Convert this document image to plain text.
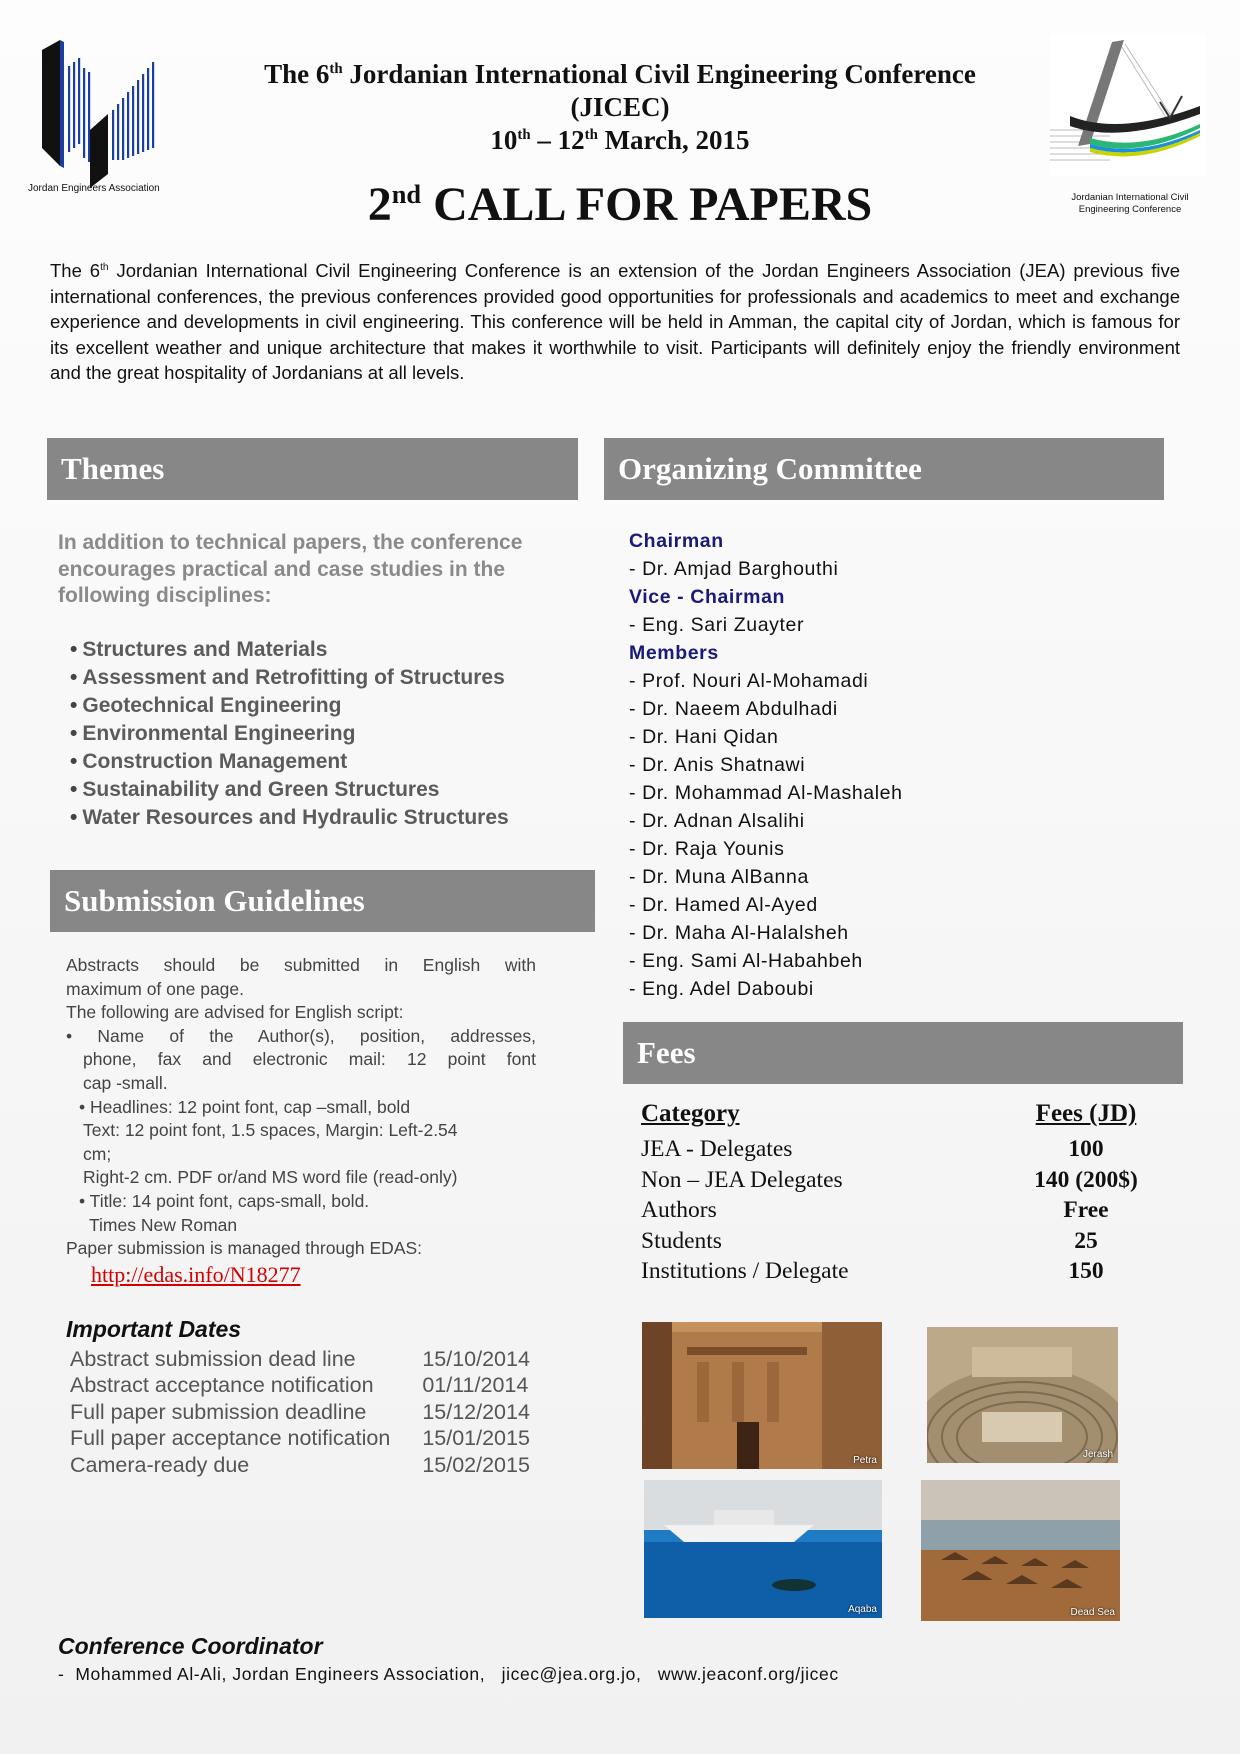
Jordan Engineers Association
Jordanian International Civil Engineering Conference
The 6th Jordanian International Civil Engineering Conference
(JICEC)
10th – 12th March, 2015
2nd CALL FOR PAPERS
The 6th Jordanian International Civil Engineering Conference is an extension of the Jordan Engineers Association (JEA) previous five international conferences, the previous conferences provided good opportunities for professionals and academics to meet and exchange experience and developments in civil engineering. This conference will be held in Amman, the capital city of Jordan, which is famous for its excellent weather and unique architecture that makes it worthwhile to visit. Participants will definitely enjoy the friendly environment and the great hospitality of Jordanians at all levels.
Themes
In addition to technical papers, the conference encourages practical and case studies in the following disciplines:
• Structures and Materials
• Assessment and Retrofitting of Structures
• Geotechnical Engineering
• Environmental Engineering
• Construction Management
• Sustainability and Green Structures
• Water Resources and Hydraulic Structures
Submission Guidelines
Abstracts should be submitted in English with
maximum of one page.
The following are advised for English script:
• Name of the Author(s), position, addresses,
phone, fax and electronic mail: 12 point font
cap -small.
• Headlines: 12 point font, cap –small, bold
Text: 12 point font, 1.5 spaces, Margin: Left-2.54
cm;
Right-2 cm. PDF or/and MS word file (read-only)
• Title: 14 point font, caps-small, bold.
Times New Roman
Paper submission is managed through EDAS:
http://edas.info/N18277
Important Dates
Abstract submission dead line	15/10/2014
Abstract acceptance notification	01/11/2014
Full paper submission deadline	15/12/2014
Full paper acceptance notification	15/01/2015
Camera-ready due	15/02/2015
Organizing Committee
Chairman
- Dr. Amjad Barghouthi
Vice - Chairman
- Eng. Sari Zuayter
Members
- Prof. Nouri Al-Mohamadi
- Dr. Naeem Abdulhadi
- Dr. Hani Qidan
- Dr. Anis Shatnawi
- Dr. Mohammad Al-Mashaleh
- Dr. Adnan Alsalihi
- Dr. Raja Younis
- Dr. Muna AlBanna
- Dr. Hamed Al-Ayed
- Dr. Maha Al-Halalsheh
- Eng. Sami Al-Habahbeh
- Eng. Adel Daboubi
Fees
Category	Fees (JD)
JEA - Delegates	100
Non – JEA Delegates	140 (200$)
Authors	Free
Students	25
Institutions / Delegate	150
Petra
Jerash
Aqaba	Dead Sea
Conference Coordinator
-  Mohammed Al-Ali, Jordan Engineers Association,   jicec@jea.org.jo,   www.jeaconf.org/jicec
